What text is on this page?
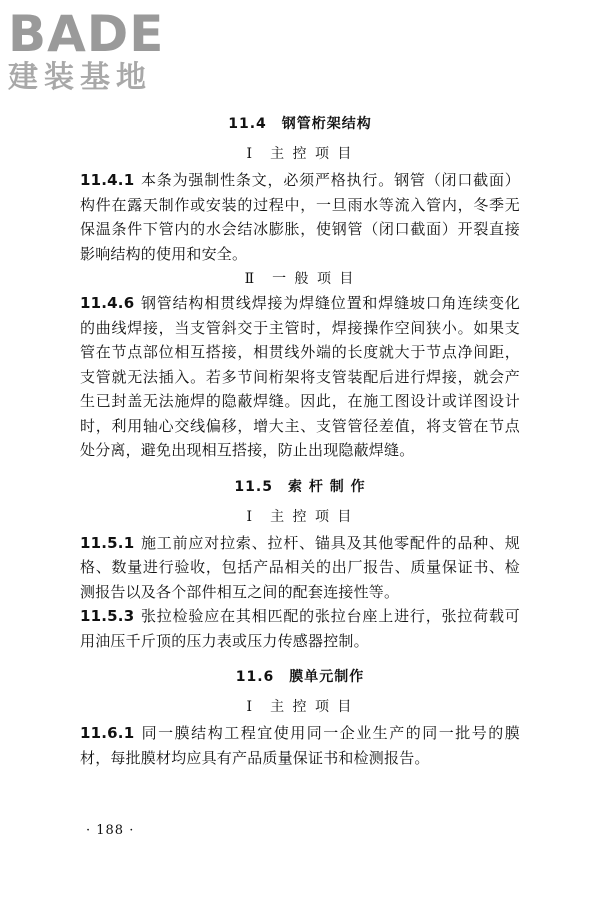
BADE
建装基地
11.4　钢管桁架结构
Ⅰ　主 控 项 目

11.4.1 本条为强制性条文，必须严格执行。钢管（闭口截面）构件在露天制作或安装的过程中，一旦雨水等流入管内，冬季无保温条件下管内的水会结冰膨胀，使钢管（闭口截面）开裂直接影响结构的使用和安全。

Ⅱ　一 般 项 目

11.4.6 钢管结构相贯线焊接为焊缝位置和焊缝坡口角连续变化的曲线焊接，当支管斜交于主管时，焊接操作空间狭小。如果支管在节点部位相互搭接，相贯线外端的长度就大于节点净间距，支管就无法插入。若多节间桁架将支管装配后进行焊接，就会产生已封盖无法施焊的隐蔽焊缝。因此，在施工图设计或详图设计时，利用轴心交线偏移，增大主、支管管径差值，将支管在节点处分离，避免出现相互搭接，防止出现隐蔽焊缝。

11.5　索 杆 制 作
Ⅰ　主 控 项 目

11.5.1 施工前应对拉索、拉杆、锚具及其他零配件的品种、规格、数量进行验收，包括产品相关的出厂报告、质量保证书、检测报告以及各个部件相互之间的配套连接性等。

11.5.3 张拉检验应在其相匹配的张拉台座上进行，张拉荷载可用油压千斤顶的压力表或压力传感器控制。

11.6　膜单元制作
Ⅰ　主 控 项 目

11.6.1 同一膜结构工程宜使用同一企业生产的同一批号的膜材，每批膜材均应具有产品质量保证书和检测报告。

· 188 ·
